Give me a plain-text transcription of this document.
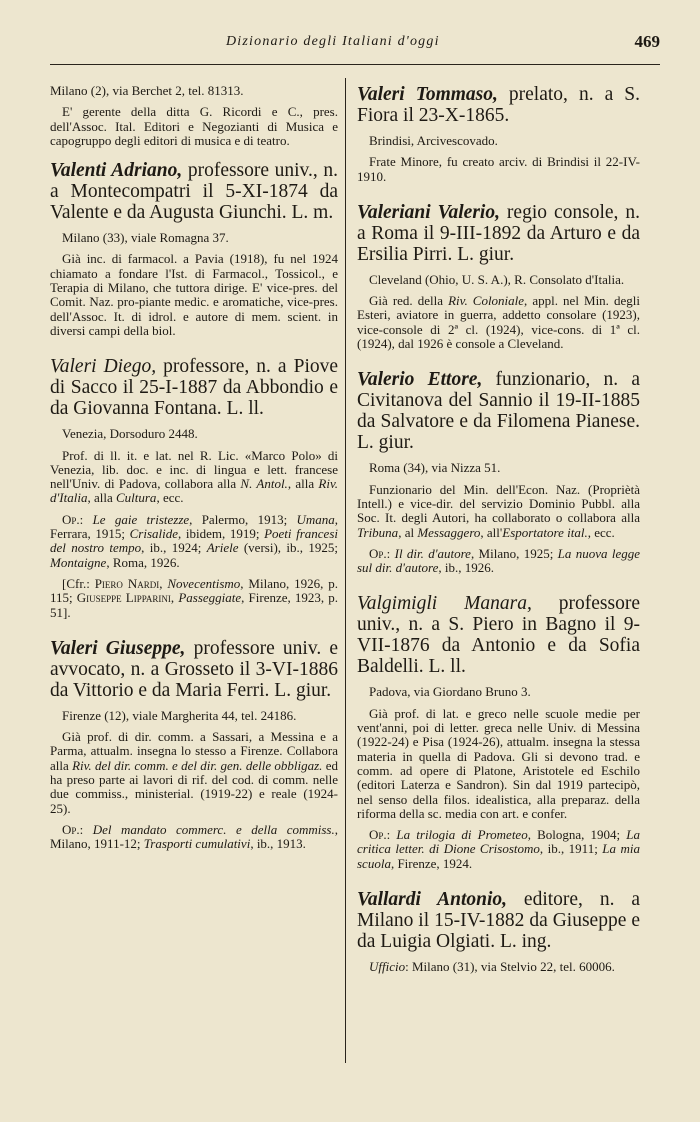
Dizionario degli Italiani d'oggi	469

Milano (2), via Berchet 2, tel. 81313.

E' gerente della ditta G. Ricordi e C., pres. dell'Assoc. Ital. Editori e Negozianti di Musica e capogruppo degli editori di musica e di teatro.

Valenti Adriano, professore univ., n. a Montecompatri il 5-XI-1874 da Valente e da Augusta Giunchi. L. m.

Milano (33), viale Romagna 37.

Già inc. di farmacol. a Pavia (1918), fu nel 1924 chiamato a fondare l'Ist. di Farmacol., Tossicol., e Terapia di Milano, che tuttora dirige. E' vice-pres. del Comit. Naz. pro-piante medic. e aromatiche, vice-pres. dell'Assoc. It. di idrol. e autore di mem. scient. in diversi campi della biol.

Valeri Diego, professore, n. a Piove di Sacco il 25-I-1887 da Abbondio e da Giovanna Fontana. L. ll.

Venezia, Dorsoduro 2448.

Prof. di ll. it. e lat. nel R. Lic. «Marco Polo» di Venezia, lib. doc. e inc. di lingua e lett. francese nell'Univ. di Padova, collabora alla N. Antol., alla Riv. d'Italia, alla Cultura, ecc.

Op.: Le gaie tristezze, Palermo, 1913; Umana, Ferrara, 1915; Crisalide, ibidem, 1919; Poeti francesi del nostro tempo, ib., 1924; Ariele (versi), ib., 1925; Montaigne, Roma, 1926.

[Cfr.: Piero Nardi, Novecentismo, Milano, 1926, p. 115; Giuseppe Lipparini, Passeggiate, Firenze, 1923, p. 51].

Valeri Giuseppe, professore univ. e avvocato, n. a Grosseto il 3-VI-1886 da Vittorio e da Maria Ferri. L. giur.

Firenze (12), viale Margherita 44, tel. 24186.

Già prof. di dir. comm. a Sassari, a Messina e a Parma, attualm. insegna lo stesso a Firenze. Collabora alla Riv. del dir. comm. e del dir. gen. delle obbligaz. ed ha preso parte ai lavori di rif. del cod. di comm. nelle due commiss., ministerial. (1919-22) e reale (1924-25).

Op.: Del mandato commerc. e della commiss., Milano, 1911-12; Trasporti cumulativi, ib., 1913.

Valeri Tommaso, prelato, n. a S. Fiora il 23-X-1865.

Brindisi, Arcivescovado.

Frate Minore, fu creato arciv. di Brindisi il 22-IV-1910.

Valeriani Valerio, regio console, n. a Roma il 9-III-1892 da Arturo e da Ersilia Pirri. L. giur.

Cleveland (Ohio, U. S. A.), R. Consolato d'Italia.

Già red. della Riv. Coloniale, appl. nel Min. degli Esteri, aviatore in guerra, addetto consolare (1923), vice-console di 2ª cl. (1924), vice-cons. di 1ª cl. (1924), dal 1926 è console a Cleveland.

Valerio Ettore, funzionario, n. a Civitanova del Sannio il 19-II-1885 da Salvatore e da Filomena Pianese. L. giur.

Roma (34), via Nizza 51.

Funzionario del Min. dell'Econ. Naz. (Propriètà Intell.) e vice-dir. del servizio Dominio Pubbl. alla Soc. It. degli Autori, ha collaborato o collabora alla Tribuna, al Messaggero, all'Esportatore ital., ecc.

Op.: Il dir. d'autore, Milano, 1925; La nuova legge sul dir. d'autore, ib., 1926.

Valgimigli Manara, professore univ., n. a S. Piero in Bagno il 9-VII-1876 da Antonio e da Sofia Baldelli. L. ll.

Padova, via Giordano Bruno 3.

Già prof. di lat. e greco nelle scuole medie per vent'anni, poi di letter. greca nelle Univ. di Messina (1922-24) e Pisa (1924-26), attualm. insegna la stessa materia in quella di Padova. Gli si devono trad. e comm. ad opere di Platone, Aristotele ed Eschilo (editori Laterza e Sandron). Sin dal 1919 partecipò, nel senso della filos. idealistica, alla preparaz. della riforma della sc. media con art. e confer.

Op.: La trilogia di Prometeo, Bologna, 1904; La critica letter. di Dione Crisostomo, ib., 1911; La mia scuola, Firenze, 1924.

Vallardi Antonio, editore, n. a Milano il 15-IV-1882 da Giuseppe e da Luigia Olgiati. L. ing.

Ufficio: Milano (31), via Stelvio 22, tel. 60006.
